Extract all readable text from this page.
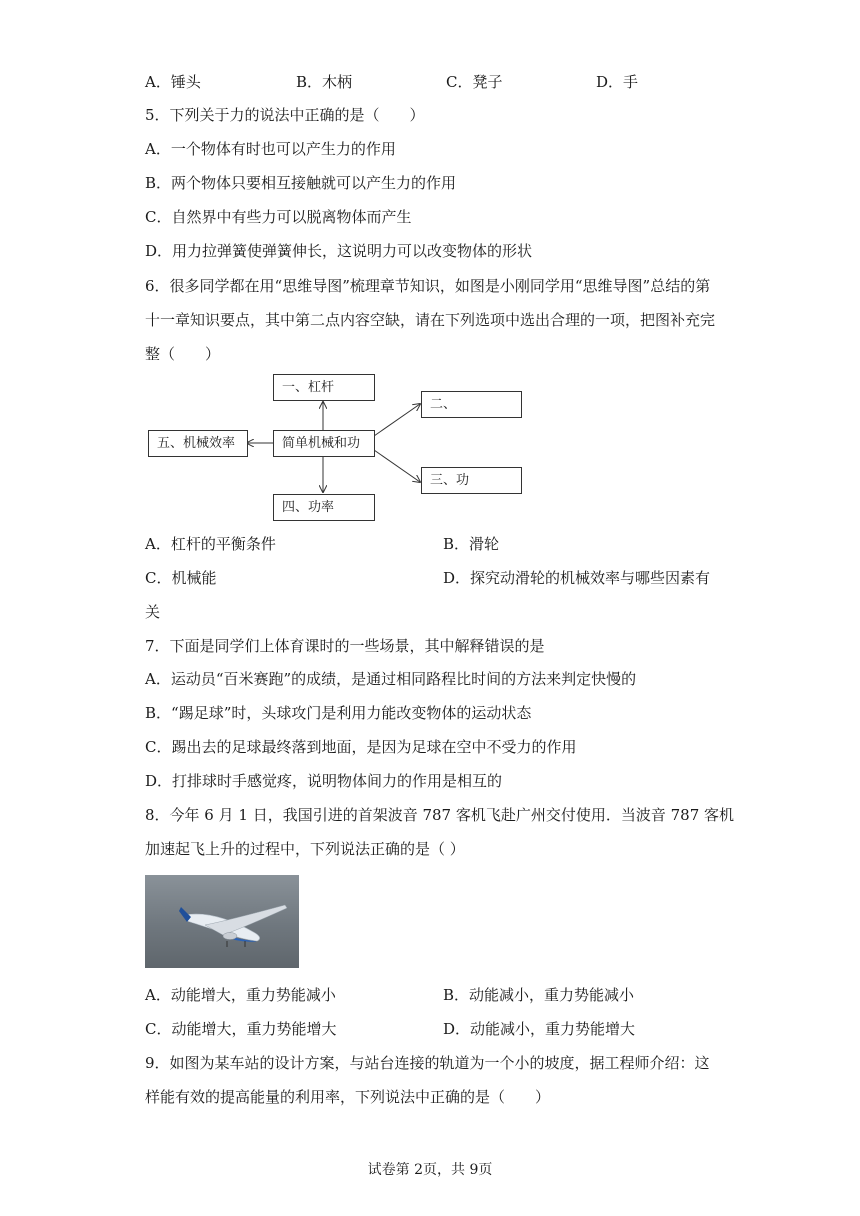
A．锤头	B．木柄	C．凳子	D．手
5．下列关于力的说法中正确的是（　　）
A．一个物体有时也可以产生力的作用
B．两个物体只要相互接触就可以产生力的作用
C．自然界中有些力可以脱离物体而产生
D．用力拉弹簧使弹簧伸长，这说明力可以改变物体的形状
6．很多同学都在用“思维导图”梳理章节知识，如图是小刚同学用“思维导图”总结的第
十一章知识要点，其中第二点内容空缺，请在下列选项中选出合理的一项，把图补充完
整（　　）
一、杠杆
简单机械和功
五、机械效率
四、功率
二、
三、功
A．杠杆的平衡条件	B．滑轮
C．机械能	D．探究动滑轮的机械效率与哪些因素有
关
7．下面是同学们上体育课时的一些场景，其中解释错误的是
A．运动员“百米赛跑”的成绩，是通过相同路程比时间的方法来判定快慢的
B．“踢足球”时，头球攻门是利用力能改变物体的运动状态
C．踢出去的足球最终落到地面，是因为足球在空中不受力的作用
D．打排球时手感觉疼，说明物体间力的作用是相互的
8．今年 6 月 1 日，我国引进的首架波音 787 客机飞赴广州交付使用．当波音 787 客机
加速起飞上升的过程中，下列说法正确的是（ ）
A．动能增大，重力势能减小	B．动能减小，重力势能减小
C．动能增大，重力势能增大	D．动能减小，重力势能增大
9．如图为某车站的设计方案，与站台连接的轨道为一个小的坡度，据工程师介绍：这
样能有效的提高能量的利用率，下列说法中正确的是（　　）
试卷第 2页，共 9页
